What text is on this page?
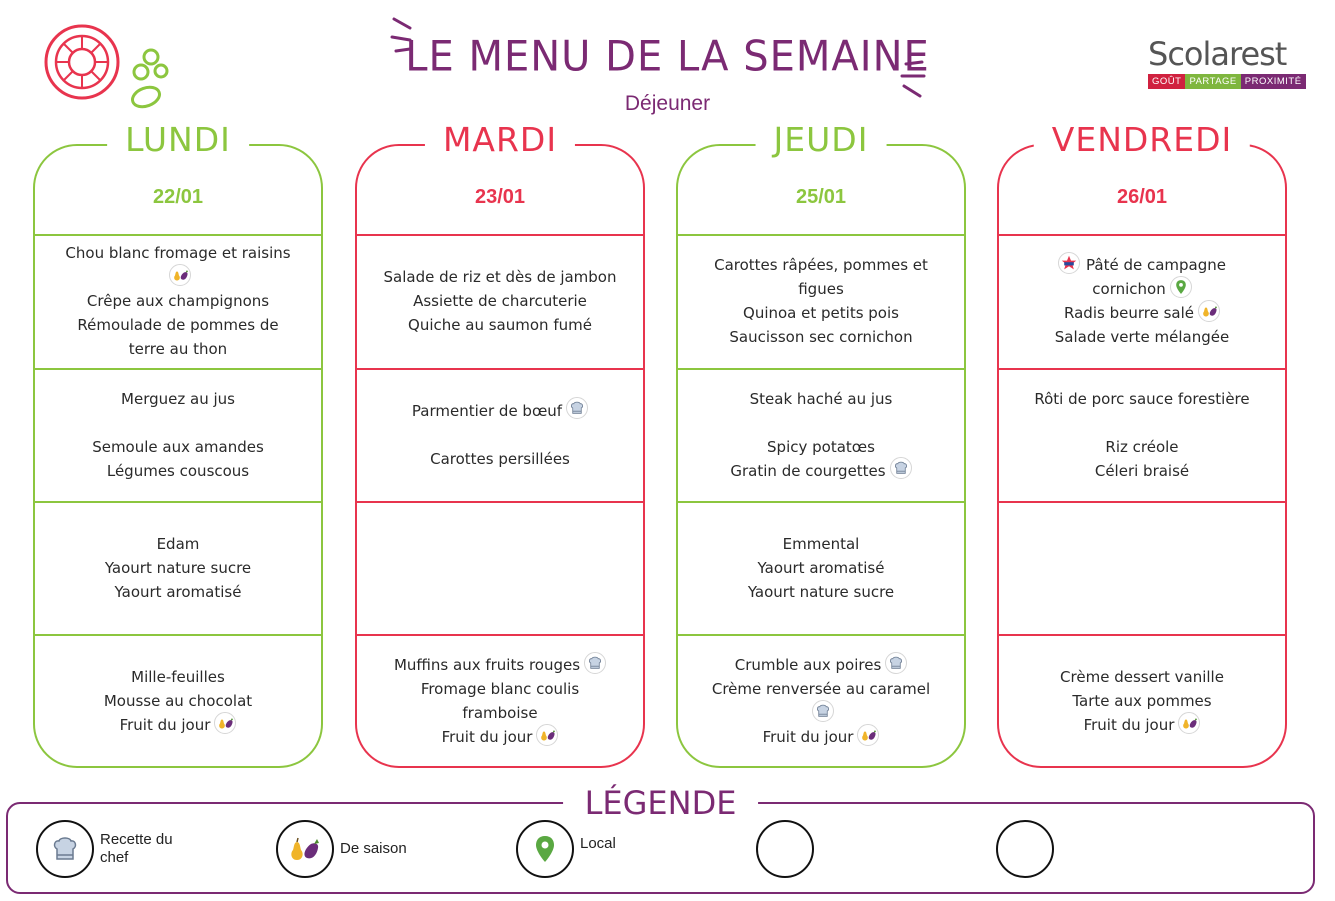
LE MENU DE LA SEMAINE
Déjeuner
Scolarest
GOÛT PARTAGE PROXIMITÉ
LUNDI
22/01
Chou blanc fromage et raisins
Crêpe aux champignons
Rémoulade de pommes de terre au thon
Merguez au jus
Semoule aux amandes
Légumes couscous
Edam
Yaourt nature sucre
Yaourt aromatisé
Mille-feuilles
Mousse au chocolat
Fruit du jour
MARDI
23/01
Salade de riz et dès de jambon
Assiette de charcuterie
Quiche au saumon fumé
Parmentier de bœuf
Carottes persillées
Muffins aux fruits rouges
Fromage blanc coulis framboise
Fruit du jour
JEUDI
25/01
Carottes râpées, pommes et figues
Quinoa et petits pois
Saucisson sec cornichon
Steak haché au jus
Spicy potatœs
Gratin de courgettes
Emmental
Yaourt aromatisé
Yaourt nature sucre
Crumble aux poires
Crème renversée au caramel
Fruit du jour
VENDREDI
26/01
Pâté de campagne cornichon
Radis beurre salé
Salade verte mélangée
Rôti de porc sauce forestière
Riz créole
Céleri braisé
Crème dessert vanille
Tarte aux pommes
Fruit du jour
LÉGENDE
Recette du chef
De saison	Local
